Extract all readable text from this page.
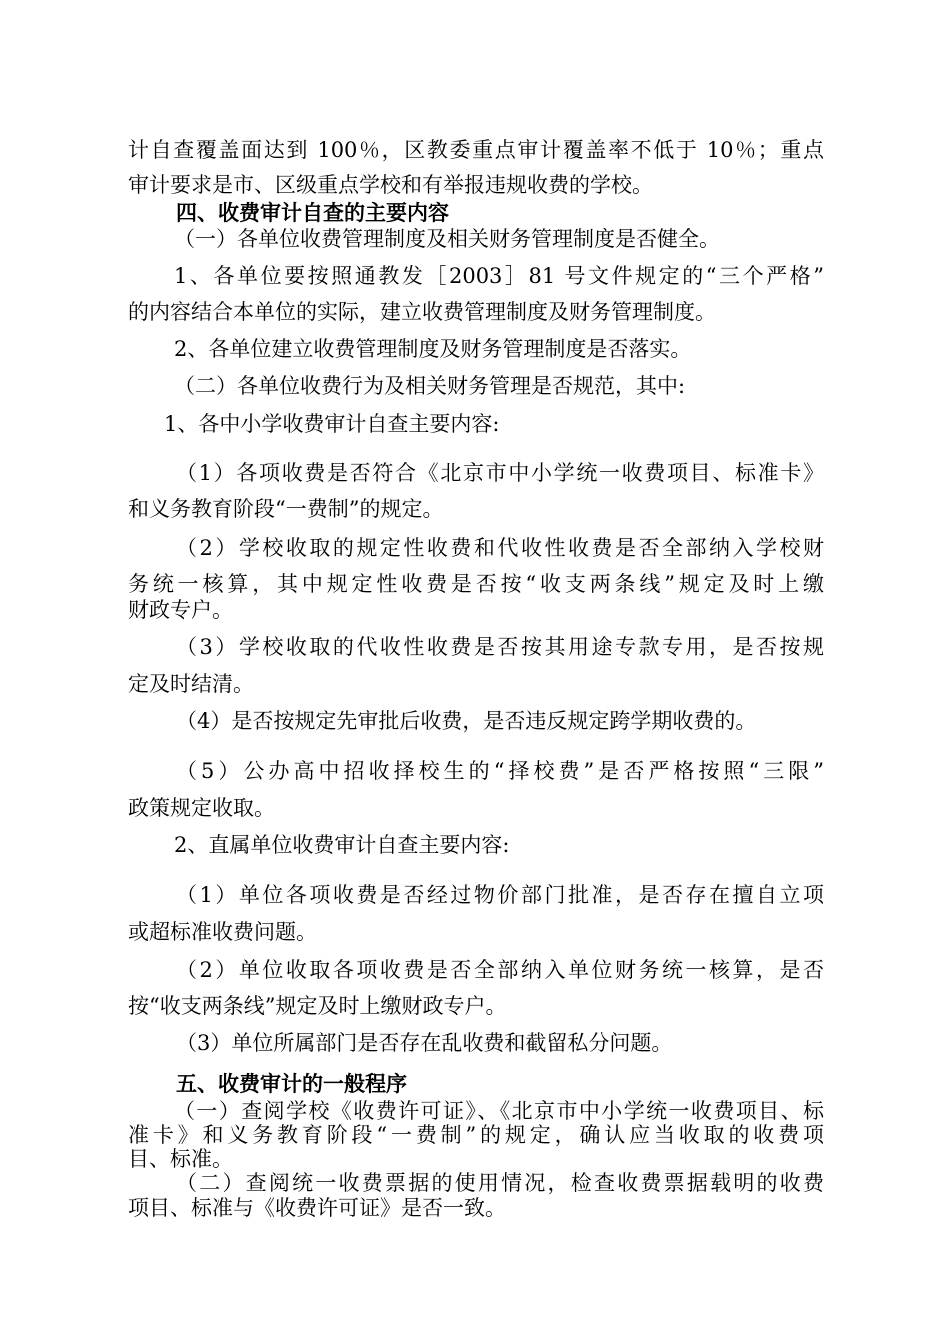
计自查覆盖面达到 100％，区教委重点审计覆盖率不低于 10％；重点
审计要求是市、区级重点学校和有举报违规收费的学校。
四、收费审计自查的主要内容
（一）各单位收费管理制度及相关财务管理制度是否健全。
1、各单位要按照通教发［2003］81 号文件规定的“三个严格”
的内容结合本单位的实际，建立收费管理制度及财务管理制度。
2、各单位建立收费管理制度及财务管理制度是否落实。
（二）各单位收费行为及相关财务管理是否规范，其中:
1、各中小学收费审计自查主要内容:
（1）各项收费是否符合《北京市中小学统一收费项目、标准卡》
和义务教育阶段“一费制”的规定。
（2）学校收取的规定性收费和代收性收费是否全部纳入学校财
务统一核算，其中规定性收费是否按“收支两条线”规定及时上缴
财政专户。
（3）学校收取的代收性收费是否按其用途专款专用，是否按规
定及时结清。
（4）是否按规定先审批后收费，是否违反规定跨学期收费的。
（5）公办高中招收择校生的“择校费”是否严格按照“三限”
政策规定收取。
2、直属单位收费审计自查主要内容:
（1）单位各项收费是否经过物价部门批准，是否存在擅自立项
或超标准收费问题。
（2）单位收取各项收费是否全部纳入单位财务统一核算，是否
按“收支两条线”规定及时上缴财政专户。
（3）单位所属部门是否存在乱收费和截留私分问题。
五、收费审计的一般程序
（一）查阅学校《收费许可证》、《北京市中小学统一收费项目、标
准卡》和义务教育阶段“一费制”的规定，确认应当收取的收费项
目、标准。
（二）查阅统一收费票据的使用情况，检查收费票据载明的收费
项目、标准与《收费许可证》是否一致。
